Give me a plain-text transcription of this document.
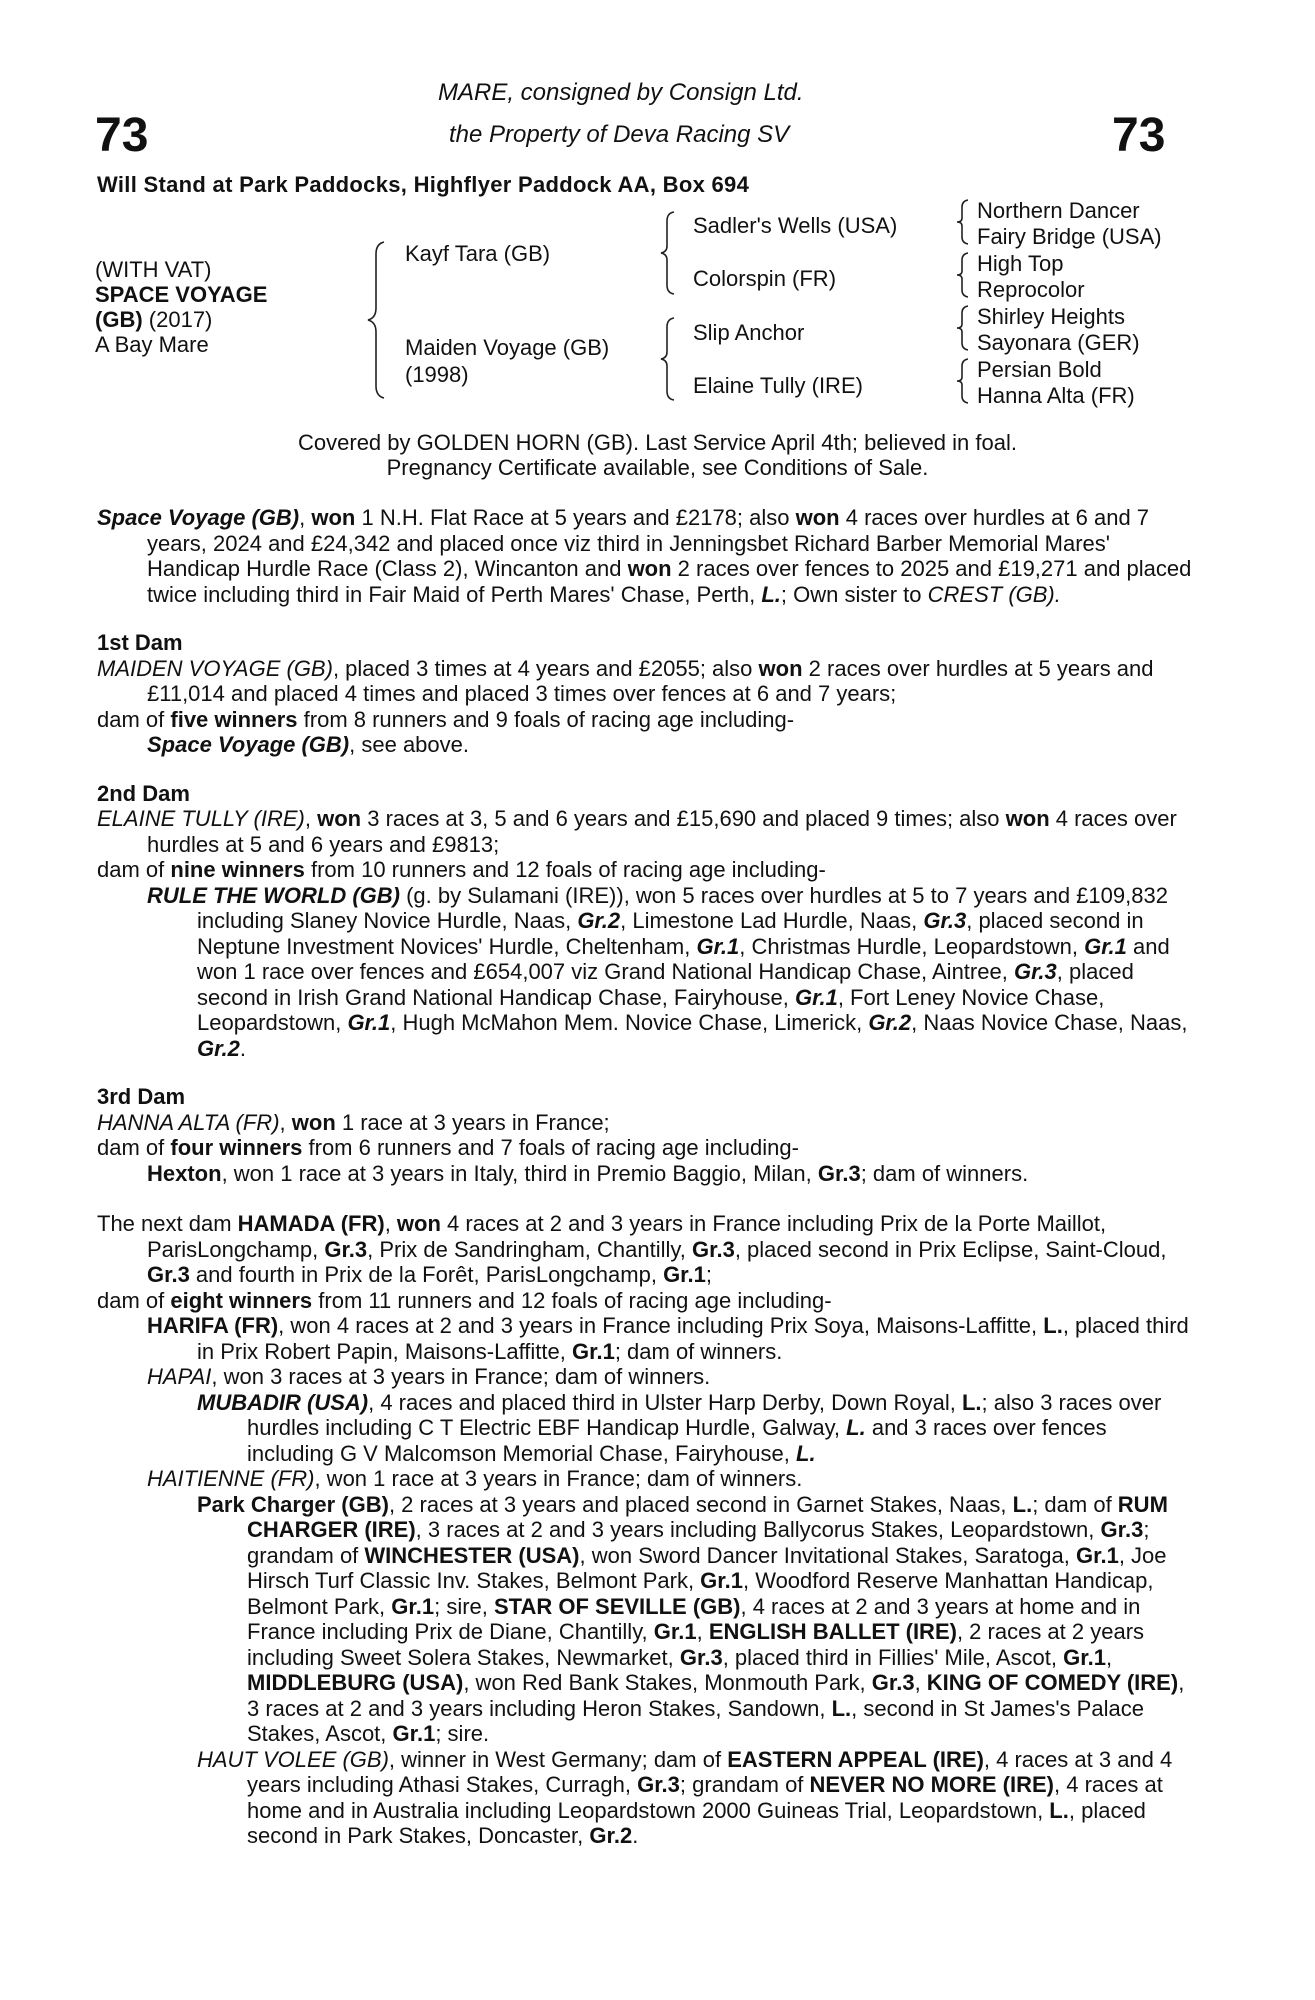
73	73
MARE, consigned by Consign Ltd.
the Property of Deva Racing SV
Will Stand at Park Paddocks, Highflyer Paddock AA, Box 694
(WITH VAT)
SPACE VOYAGE
(GB) (2017)
A Bay Mare
Kayf Tara (GB)
Maiden Voyage (GB)
(1998)
Sadler's Wells (USA)
Colorspin (FR)
Slip Anchor
Elaine Tully (IRE)
Northern Dancer
Fairy Bridge (USA)
High Top
Reprocolor
Shirley Heights
Sayonara (GER)
Persian Bold
Hanna Alta (FR)
Covered by GOLDEN HORN (GB). Last Service April 4th; believed in foal.
Pregnancy Certificate available, see Conditions of Sale.

Space Voyage (GB), won 1 N.H. Flat Race at 5 years and £2178; also won 4 races over hurdles at 6 and 7 years, 2024 and £24,342 and placed once viz third in Jenningsbet Richard Barber Memorial Mares' Handicap Hurdle Race (Class 2), Wincanton and won 2 races over fences to 2025 and £19,271 and placed twice including third in Fair Maid of Perth Mares' Chase, Perth, L.; Own sister to CREST (GB).

1st Dam

MAIDEN VOYAGE (GB), placed 3 times at 4 years and £2055; also won 2 races over hurdles at 5 years and £11,014 and placed 4 times and placed 3 times over fences at 6 and 7 years;

dam of five winners from 8 runners and 9 foals of racing age including-

Space Voyage (GB), see above.

2nd Dam

ELAINE TULLY (IRE), won 3 races at 3, 5 and 6 years and £15,690 and placed 9 times; also won 4 races over hurdles at 5 and 6 years and £9813;

dam of nine winners from 10 runners and 12 foals of racing age including-

RULE THE WORLD (GB) (g. by Sulamani (IRE)), won 5 races over hurdles at 5 to 7 years and £109,832 including Slaney Novice Hurdle, Naas, Gr.2, Limestone Lad Hurdle, Naas, Gr.3, placed second in Neptune Investment Novices' Hurdle, Cheltenham, Gr.1, Christmas Hurdle, Leopardstown, Gr.1 and won 1 race over fences and £654,007 viz Grand National Handicap Chase, Aintree, Gr.3, placed second in Irish Grand National Handicap Chase, Fairyhouse, Gr.1, Fort Leney Novice Chase, Leopardstown, Gr.1, Hugh McMahon Mem. Novice Chase, Limerick, Gr.2, Naas Novice Chase, Naas, Gr.2.

3rd Dam

HANNA ALTA (FR), won 1 race at 3 years in France;

dam of four winners from 6 runners and 7 foals of racing age including-

Hexton, won 1 race at 3 years in Italy, third in Premio Baggio, Milan, Gr.3; dam of winners.

The next dam HAMADA (FR), won 4 races at 2 and 3 years in France including Prix de la Porte Maillot, ParisLongchamp, Gr.3, Prix de Sandringham, Chantilly, Gr.3, placed second in Prix Eclipse, Saint-Cloud, Gr.3 and fourth in Prix de la Forêt, ParisLongchamp, Gr.1;

dam of eight winners from 11 runners and 12 foals of racing age including-

HARIFA (FR), won 4 races at 2 and 3 years in France including Prix Soya, Maisons-Laffitte, L., placed third in Prix Robert Papin, Maisons-Laffitte, Gr.1; dam of winners.

HAPAI, won 3 races at 3 years in France; dam of winners.

MUBADIR (USA), 4 races and placed third in Ulster Harp Derby, Down Royal, L.; also 3 races over hurdles including C T Electric EBF Handicap Hurdle, Galway, L. and 3 races over fences including G V Malcomson Memorial Chase, Fairyhouse, L.

HAITIENNE (FR), won 1 race at 3 years in France; dam of winners.

Park Charger (GB), 2 races at 3 years and placed second in Garnet Stakes, Naas, L.; dam of RUM CHARGER (IRE), 3 races at 2 and 3 years including Ballycorus Stakes, Leopardstown, Gr.3; grandam of WINCHESTER (USA), won Sword Dancer Invitational Stakes, Saratoga, Gr.1, Joe Hirsch Turf Classic Inv. Stakes, Belmont Park, Gr.1, Woodford Reserve Manhattan Handicap, Belmont Park, Gr.1; sire, STAR OF SEVILLE (GB), 4 races at 2 and 3 years at home and in France including Prix de Diane, Chantilly, Gr.1, ENGLISH BALLET (IRE), 2 races at 2 years including Sweet Solera Stakes, Newmarket, Gr.3, placed third in Fillies' Mile, Ascot, Gr.1, MIDDLEBURG (USA), won Red Bank Stakes, Monmouth Park, Gr.3, KING OF COMEDY (IRE), 3 races at 2 and 3 years including Heron Stakes, Sandown, L., second in St James's Palace Stakes, Ascot, Gr.1; sire.

HAUT VOLEE (GB), winner in West Germany; dam of EASTERN APPEAL (IRE), 4 races at 3 and 4 years including Athasi Stakes, Curragh, Gr.3; grandam of NEVER NO MORE (IRE), 4 races at home and in Australia including Leopardstown 2000 Guineas Trial, Leopardstown, L., placed second in Park Stakes, Doncaster, Gr.2.
